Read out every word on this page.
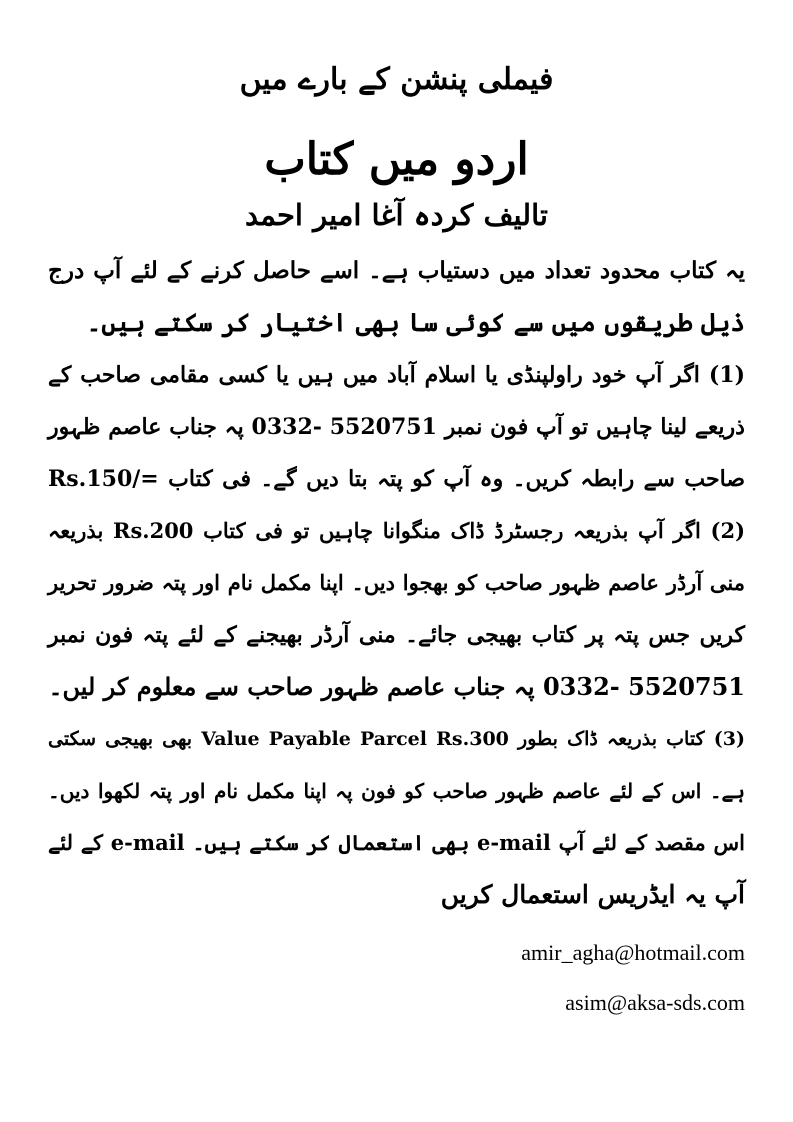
فیملی پنشن کے بارے میں
اردو میں کتاب
تالیف کردہ آغا امیر احمد
یہ کتاب محدود تعداد میں دستیاب ہے۔ اسے حاصل کرنے کے لئے آپ درج
ذیل طریقوں میں سے کوئی سا بھی اختیار کر سکتے ہیں۔
(1) اگر آپ خود راولپنڈی یا اسلام آباد میں ہیں یا کسی مقامی صاحب کے
ذریعے لینا چاہیں تو آپ فون نمبر 5520751 -0332 پہ جناب عاصم ظہور
صاحب سے رابطہ کریں۔ وہ آپ کو پتہ بتا دیں گے۔ فی کتاب =/Rs.150
(2) اگر آپ بذریعہ رجسٹرڈ ڈاک منگوانا چاہیں تو فی کتاب Rs.200 بذریعہ
منی آرڈر عاصم ظہور صاحب کو بھجوا دیں۔ اپنا مکمل نام اور پتہ ضرور تحریر
کریں جس پتہ پر کتاب بھیجی جائے۔ منی آرڈر بھیجنے کے لئے پتہ فون نمبر
5520751 -0332 پہ جناب عاصم ظہور صاحب سے معلوم کر لیں۔
(3) کتاب بذریعہ ڈاک بطور Value Payable Parcel Rs.300 بھی بھیجی سکتی
ہے۔ اس کے لئے عاصم ظہور صاحب کو فون پہ اپنا مکمل نام اور پتہ لکھوا دیں۔
اس مقصد کے لئے آپ e-mail بھی استعمال کر سکتے ہیں۔ e-mail کے لئے
آپ یہ ایڈریس استعمال کریں
amir_agha@hotmail.com
asim@aksa-sds.com
